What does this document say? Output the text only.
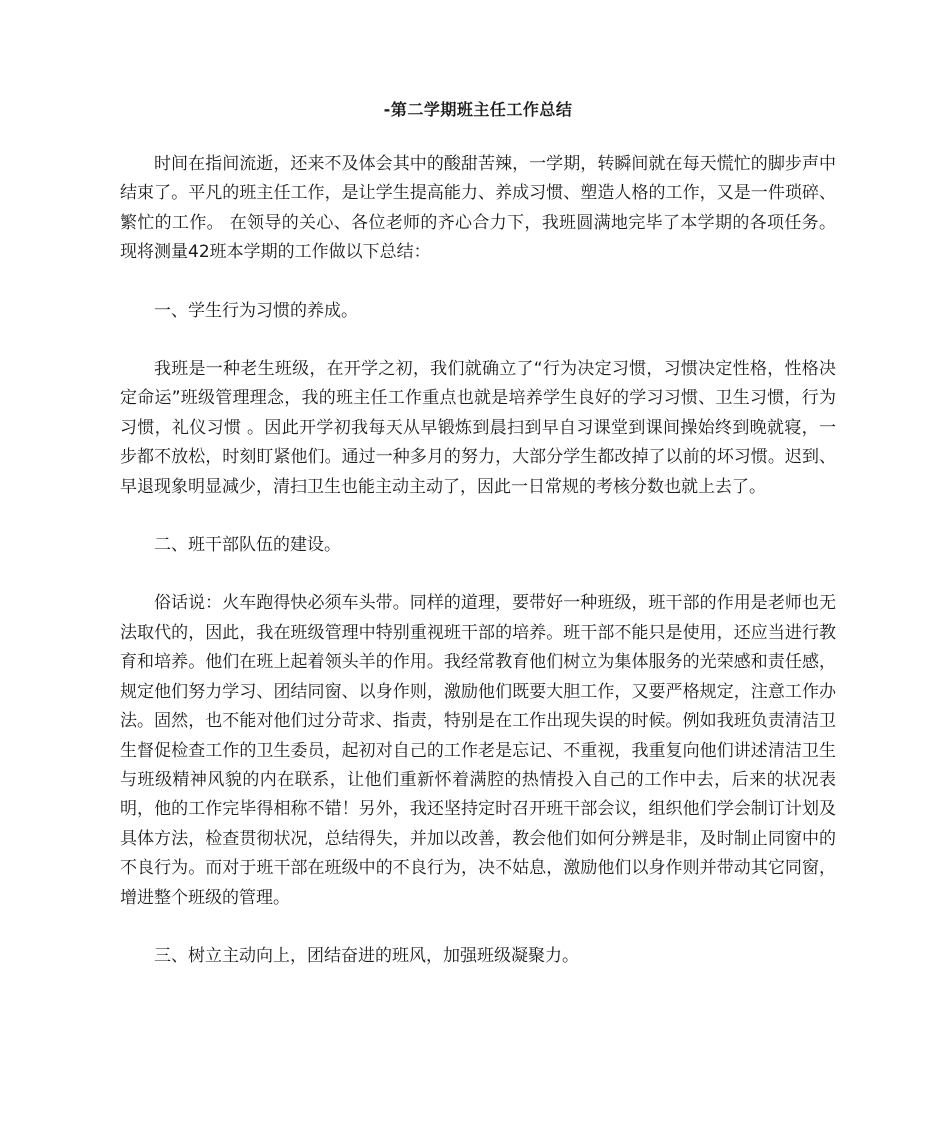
-第二学期班主任工作总结

时间在指间流逝，还来不及体会其中的酸甜苦辣，一学期，转瞬间就在每天慌忙的脚步声中结束了。平凡的班主任工作，是让学生提高能力、养成习惯、塑造人格的工作，又是一件琐碎、繁忙的工作。 在领导的关心、各位老师的齐心合力下，我班圆满地完毕了本学期的各项任务。 现将测量42班本学期的工作做以下总结：

一、学生行为习惯的养成。

我班是一种老生班级，在开学之初，我们就确立了“行为决定习惯，习惯决定性格，性格决定命运”班级管理理念，我的班主任工作重点也就是培养学生良好的学习习惯、卫生习惯，行为习惯，礼仪习惯 。因此开学初我每天从早锻炼到晨扫到早自习课堂到课间操始终到晚就寝，一步都不放松，时刻盯紧他们。通过一种多月的努力，大部分学生都改掉了以前的坏习惯。迟到、早退现象明显减少，清扫卫生也能主动主动了，因此一日常规的考核分数也就上去了。

二、班干部队伍的建设。

俗话说：火车跑得快必须车头带。同样的道理，要带好一种班级，班干部的作用是老师也无法取代的，因此，我在班级管理中特别重视班干部的培养。班干部不能只是使用，还应当进行教育和培养。他们在班上起着领头羊的作用。我经常教育他们树立为集体服务的光荣感和责任感，规定他们努力学习、团结同窗、以身作则，激励他们既要大胆工作，又要严格规定，注意工作办法。固然，也不能对他们过分苛求、指责，特别是在工作出现失误的时候。例如我班负责清洁卫生督促检查工作的卫生委员，起初对自己的工作老是忘记、不重视，我重复向他们讲述清洁卫生与班级精神风貌的内在联系，让他们重新怀着满腔的热情投入自己的工作中去，后来的状况表明，他的工作完毕得相称不错！另外，我还坚持定时召开班干部会议，组织他们学会制订计划及具体方法，检查贯彻状况，总结得失，并加以改善，教会他们如何分辨是非，及时制止同窗中的不良行为。而对于班干部在班级中的不良行为，决不姑息，激励他们以身作则并带动其它同窗，增进整个班级的管理。

三、树立主动向上，团结奋进的班风，加强班级凝聚力。
